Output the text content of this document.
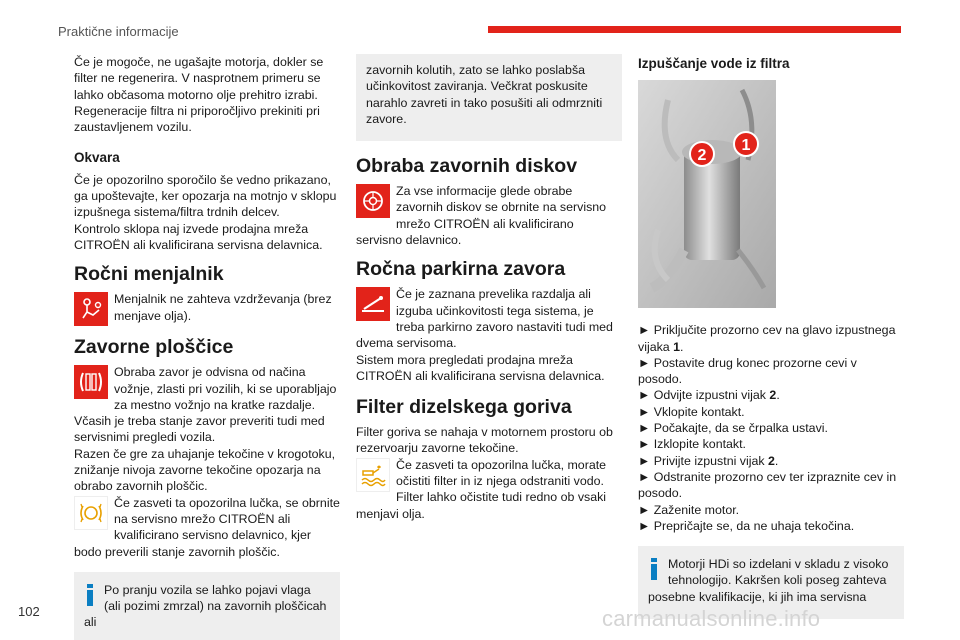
Praktične informacije

Če je mogoče, ne ugašajte motorja, dokler se filter ne regenerira. V nasprotnem primeru se lahko občasoma motorno olje prehitro izrabi. Regeneracije filtra ni priporočljivo prekiniti pri zaustavljenem vozilu.

Okvara

Če je opozorilno sporočilo še vedno prikazano, ga upoštevajte, ker opozarja na motnjo v sklopu izpušnega sistema/filtra trdnih delcev.

Kontrolo sklopa naj izvede prodajna mreža CITROËN ali kvalificirana servisna delavnica.

Ročni menjalnik

Menjalnik ne zahteva vzdrževanja (brez menjave olja).

Zavorne ploščice

Obraba zavor je odvisna od načina vožnje, zlasti pri vozilih, ki se uporabljajo za mestno vožnjo na kratke razdalje. Včasih je treba stanje zavor preveriti tudi med servisnimi pregledi vozila.

Razen če gre za uhajanje tekočine v krogotoku, znižanje nivoja zavorne tekočine opozarja na obrabo zavornih ploščic.

Če zasveti ta opozorilna lučka, se obrnite na servisno mrežo CITROËN ali kvalificirano servisno delavnico, kjer bodo preverili stanje zavornih ploščic.

Po pranju vozila se lahko pojavi vlaga (ali pozimi zmrzal) na zavornih ploščicah ali

zavornih kolutih, zato se lahko poslabša učinkovitost zaviranja. Večkrat poskusite narahlo zavreti in tako posušiti ali odmrzniti zavore.

Obraba zavornih diskov

Za vse informacije glede obrabe zavornih diskov se obrnite na servisno mrežo CITROËN ali kvalificirano servisno delavnico.

Ročna parkirna zavora

Če je zaznana prevelika razdalja ali izguba učinkovitosti tega sistema, je treba parkirno zavoro nastaviti tudi med dvema servisoma.

Sistem mora pregledati prodajna mreža CITROËN ali kvalificirana servisna delavnica.

Filter dizelskega goriva

Filter goriva se nahaja v motornem prostoru ob rezervoarju zavorne tekočine.

Če zasveti ta opozorilna lučka, morate očistiti filter in iz njega odstraniti vodo.

Filter lahko očistite tudi redno ob vsaki menjavi olja.

Izpuščanje vode iz filtra
2
1

► Priključite prozorno cev na glavo izpustnega vijaka 1.

► Postavite drug konec prozorne cevi v posodo.

► Odvijte izpustni vijak 2.

► Vklopite kontakt.

► Počakajte, da se črpalka ustavi.

► Izklopite kontakt.

► Privijte izpustni vijak 2.

► Odstranite prozorno cev ter izpraznite cev in posodo.

► Zaženite motor.

► Prepričajte se, da ne uhaja tekočina.

Motorji HDi so izdelani v skladu z visoko tehnologijo. Kakršen koli poseg zahteva posebne kvalifikacije, ki jih ima servisna

102	carmanualsonline.info
